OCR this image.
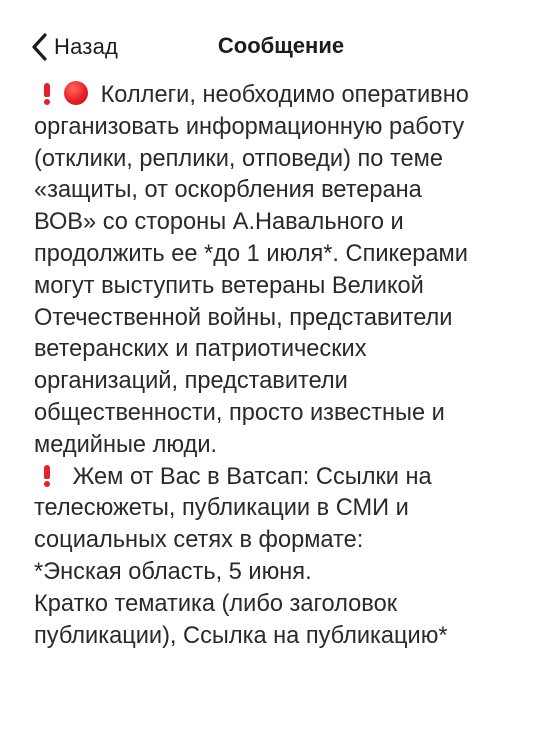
Назад	Сообщение
Коллеги, необходимо оперативно
организовать информационную работу
(отклики, реплики, отповеди) по теме
«защиты, от оскорбления ветерана
ВОВ» со стороны А.Навального и
продолжить ее *до 1 июля*. Спикерами
могут выступить ветераны Великой
Отечественной войны, представители
ветеранских и патриотических
организаций, представители
общественности, просто известные и
медийные люди.
Жем от Вас в Ватсап: Ссылки на
телесюжеты, публикации в СМИ и
социальных сетях в формате:
*Энская область, 5 июня.
Кратко тематика (либо заголовок
публикации), Ссылка на публикацию*
